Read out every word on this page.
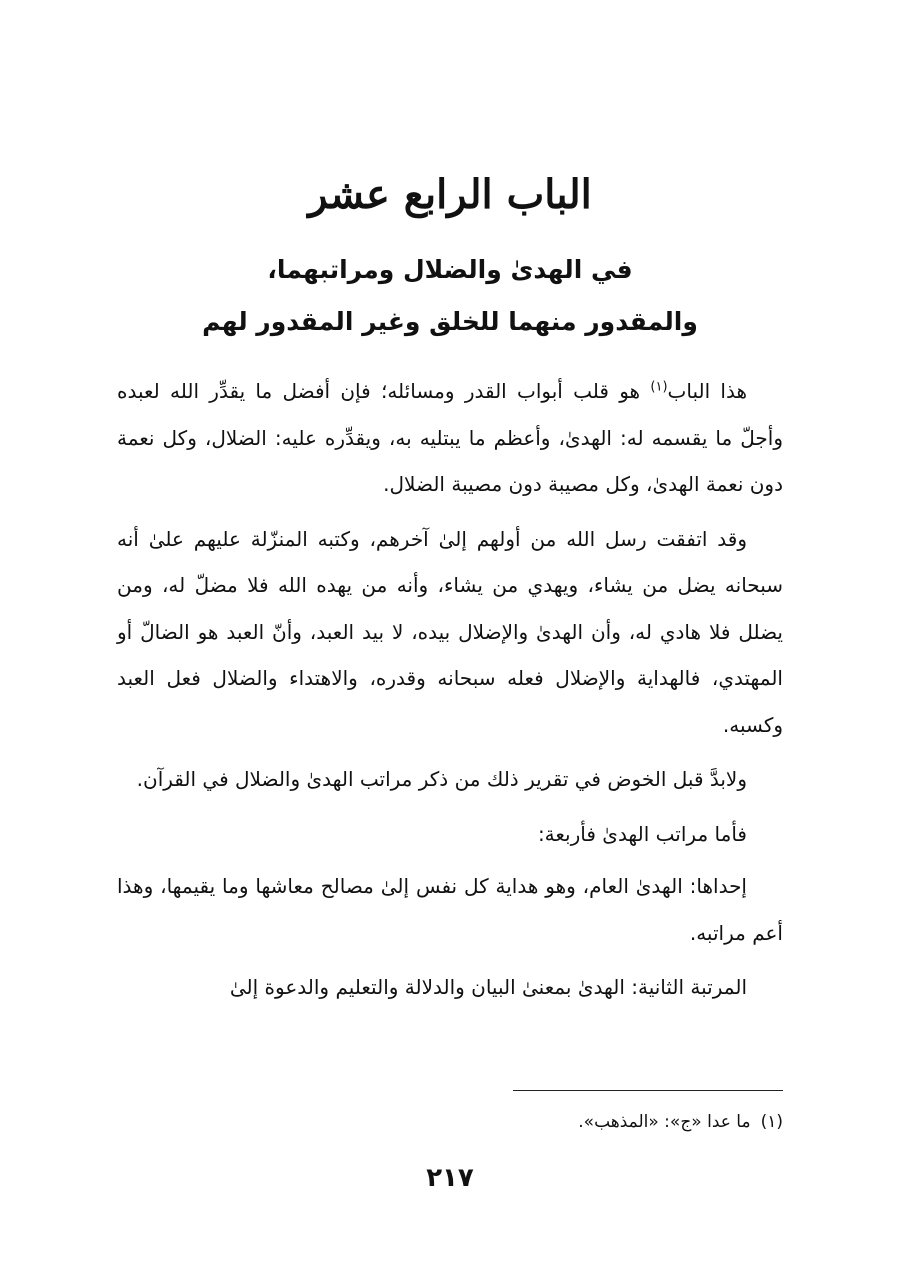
الباب الرابع عشر
في الهدىٰ والضلال ومراتبهما،
والمقدور منهما للخلق وغير المقدور لهم

هذا الباب$^{(١)}$ هو قلب أبواب القدر ومسائله؛ فإن أفضل ما يقدِّر الله لعبده وأجلّ ما يقسمه له: الهدىٰ، وأعظم ما يبتليه به، ويقدِّره عليه: الضلال، وكل نعمة دون نعمة الهدىٰ، وكل مصيبة دون مصيبة الضلال.

وقد اتفقت رسل الله من أولهم إلىٰ آخرهم، وكتبه المنزّلة عليهم علىٰ أنه سبحانه يضل من يشاء، ويهدي من يشاء، وأنه من يهده الله فلا مضلّ له، ومن يضلل فلا هادي له، وأن الهدىٰ والإضلال بيده، لا بيد العبد، وأنّ العبد هو الضالّ أو المهتدي، فالهداية والإضلال فعله سبحانه وقدره، والاهتداء والضلال فعل العبد وكسبه.

ولابدَّ قبل الخوض في تقرير ذلك من ذكر مراتب الهدىٰ والضلال في القرآن.

فأما مراتب الهدىٰ فأربعة:

إحداها: الهدىٰ العام، وهو هداية كل نفس إلىٰ مصالح معاشها وما يقيمها، وهذا أعم مراتبه.

المرتبة الثانية: الهدىٰ بمعنىٰ البيان والدلالة والتعليم والدعوة إلىٰ

(١)ما عدا «ج»: «المذهب».
٢١٧
